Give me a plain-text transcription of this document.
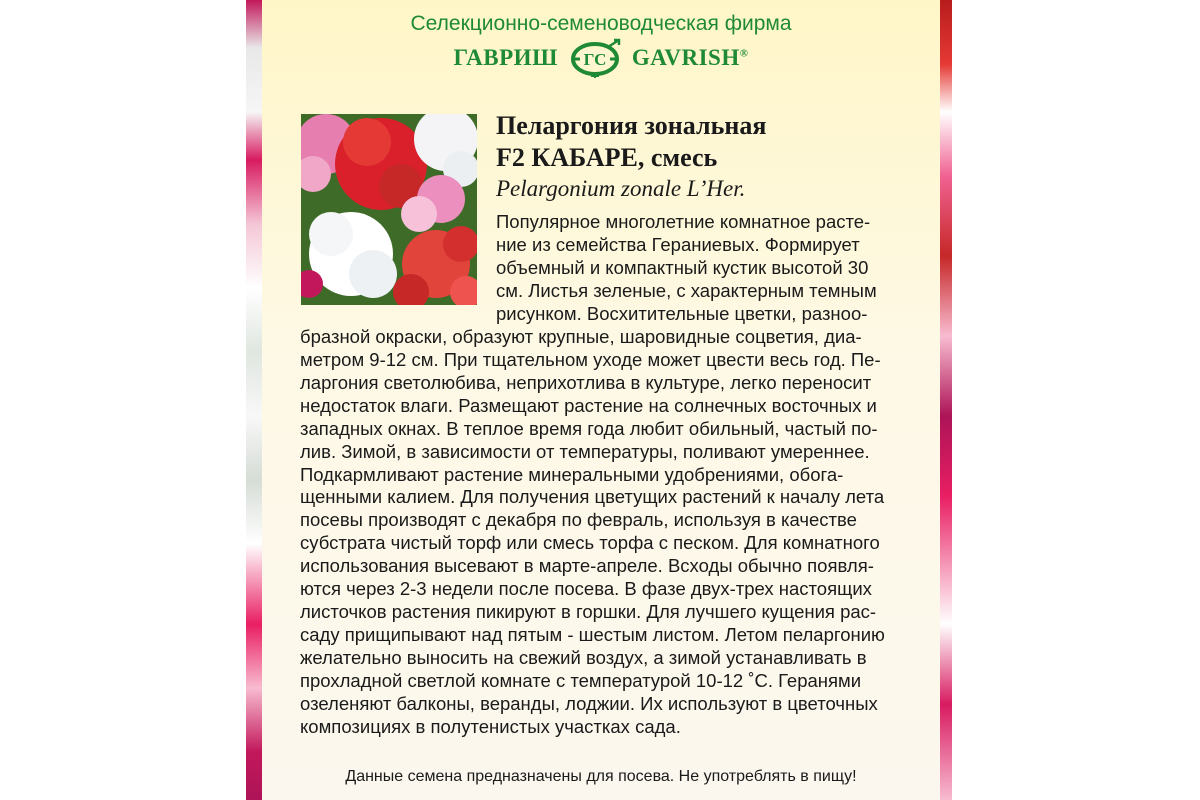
Селекционно-семеноводческая фирма
ГАВРИШ ГС GAVRISH®
Пеларгония зональная
F2 КАБАРЕ, смесь
Pelargonium zonale L’Her.
Популярное многолетние комнатное расте-
ние из семейства Гераниевых. Формирует
объемный и компактный кустик высотой 30
см. Листья зеленые, с характерным темным
рисунком. Восхитительные цветки, разноо-
бразной окраски, образуют крупные, шаровидные соцветия, диа-
метром 9-12 см. При тщательном уходе может цвести весь год. Пе-
ларгония светолюбива, неприхотлива в культуре, легко переносит
недостаток влаги. Размещают растение на солнечных восточных и
западных окнах. В теплое время года любит обильный, частый по-
лив. Зимой, в зависимости от температуры, поливают умереннее.
Подкармливают растение минеральными удобрениями, обога-
щенными калием. Для получения цветущих растений к началу лета
посевы производят с декабря по февраль, используя в качестве
субстрата чистый торф или смесь торфа с песком. Для комнатного
использования высевают в марте-апреле. Всходы обычно появля-
ются через 2-3 недели после посева. В фазе двух-трех настоящих
листочков растения пикируют в горшки. Для лучшего кущения рас-
саду прищипывают над пятым - шестым листом. Летом пеларгонию
желательно выносить на свежий воздух, а зимой устанавливать в
прохладной светлой комнате с температурой 10-12 ˚С. Геранями
озеленяют балконы, веранды, лоджии. Их используют в цветочных
композициях в полутенистых участках сада.
Данные семена предназначены для посева. Не употреблять в пищу!
